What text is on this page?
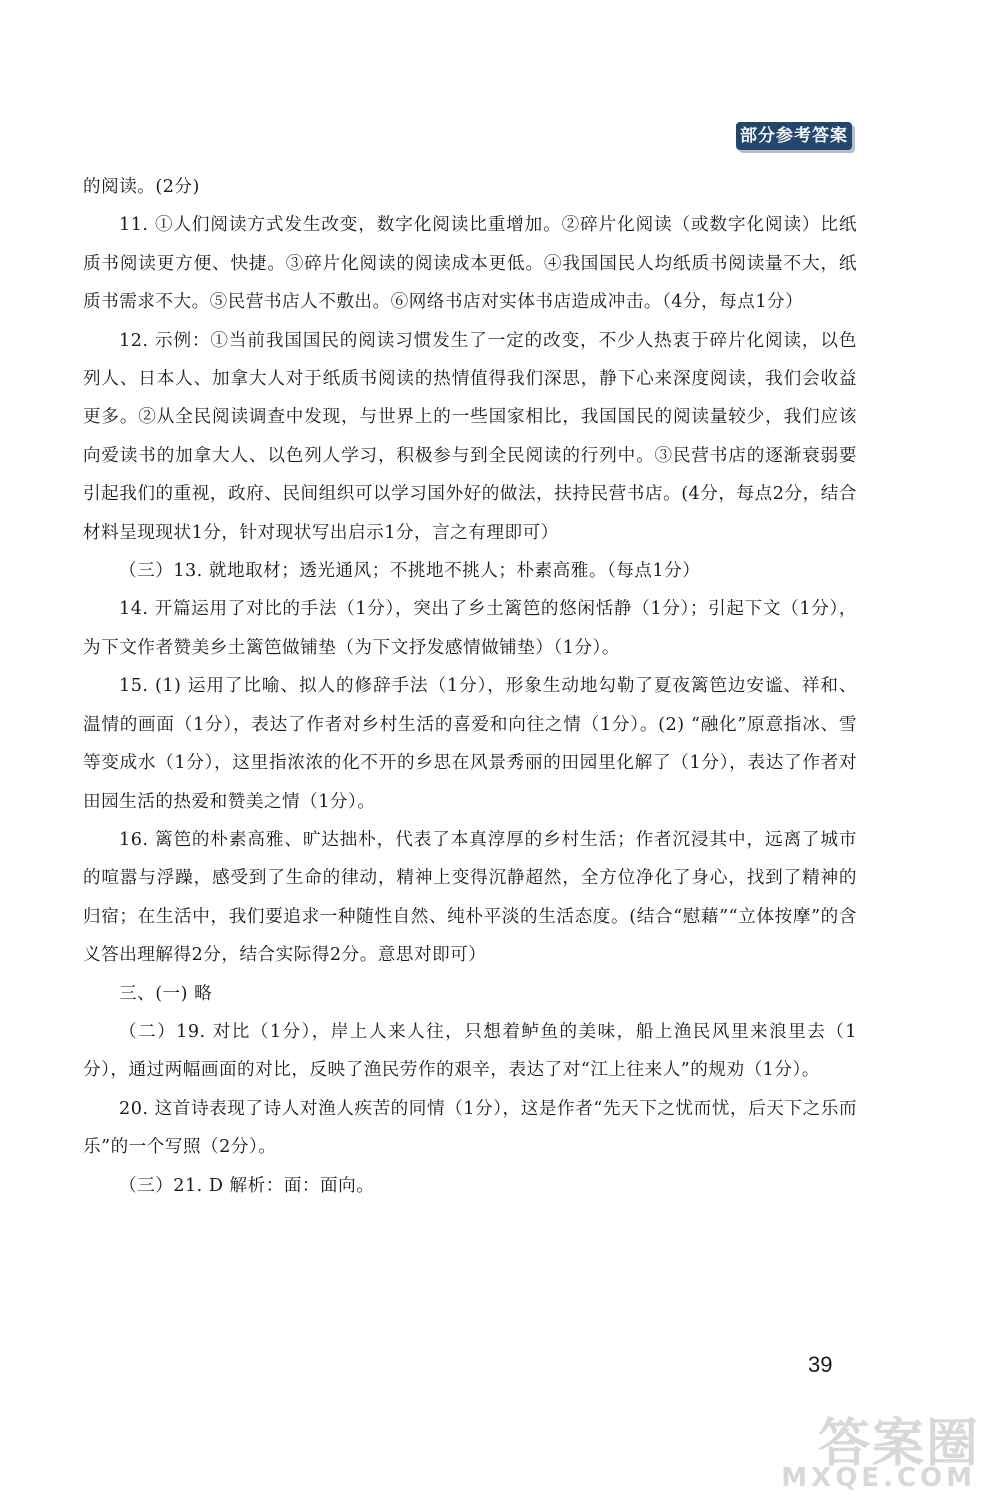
部分参考答案

的阅读。(2分)

11. ①人们阅读方式发生改变，数字化阅读比重增加。②碎片化阅读（或数字化阅读）比纸质书阅读更方便、快捷。③碎片化阅读的阅读成本更低。④我国国民人均纸质书阅读量不大，纸质书需求不大。⑤民营书店人不敷出。⑥网络书店对实体书店造成冲击。（4分，每点1分）

12. 示例：①当前我国国民的阅读习惯发生了一定的改变，不少人热衷于碎片化阅读，以色列人、日本人、加拿大人对于纸质书阅读的热情值得我们深思，静下心来深度阅读，我们会收益更多。②从全民阅读调查中发现，与世界上的一些国家相比，我国国民的阅读量较少，我们应该向爱读书的加拿大人、以色列人学习，积极参与到全民阅读的行列中。③民营书店的逐渐衰弱要引起我们的重视，政府、民间组织可以学习国外好的做法，扶持民营书店。(4分，每点2分，结合材料呈现现状1分，针对现状写出启示1分，言之有理即可）

（三）13. 就地取材；透光通风；不挑地不挑人；朴素高雅。（每点1分）

14. 开篇运用了对比的手法（1分），突出了乡土篱笆的悠闲恬静（1分）；引起下文（1分），为下文作者赞美乡土篱笆做铺垫（为下文抒发感情做铺垫）（1分）。

15. (1) 运用了比喻、拟人的修辞手法（1分），形象生动地勾勒了夏夜篱笆边安谧、祥和、温情的画面（1分），表达了作者对乡村生活的喜爱和向往之情（1分）。(2) “融化”原意指冰、雪等变成水（1分），这里指浓浓的化不开的乡思在风景秀丽的田园里化解了（1分），表达了作者对田园生活的热爱和赞美之情（1分）。

16. 篱笆的朴素高雅、旷达拙朴，代表了本真淳厚的乡村生活；作者沉浸其中，远离了城市的喧嚣与浮躁，感受到了生命的律动，精神上变得沉静超然，全方位净化了身心，找到了精神的归宿；在生活中，我们要追求一种随性自然、纯朴平淡的生活态度。(结合“慰藉”“立体按摩”的含义答出理解得2分，结合实际得2分。意思对即可）

三、(一) 略

（二）19. 对比（1分），岸上人来人往，只想着鲈鱼的美味，船上渔民风里来浪里去（1分），通过两幅画面的对比，反映了渔民劳作的艰辛，表达了对“江上往来人”的规劝（1分）。

20. 这首诗表现了诗人对渔人疾苦的同情（1分），这是作者“先天下之忧而忧，后天下之乐而乐”的一个写照（2分）。

（三）21. D 解析：面：面向。

39
答案圈
MXQE.COM
